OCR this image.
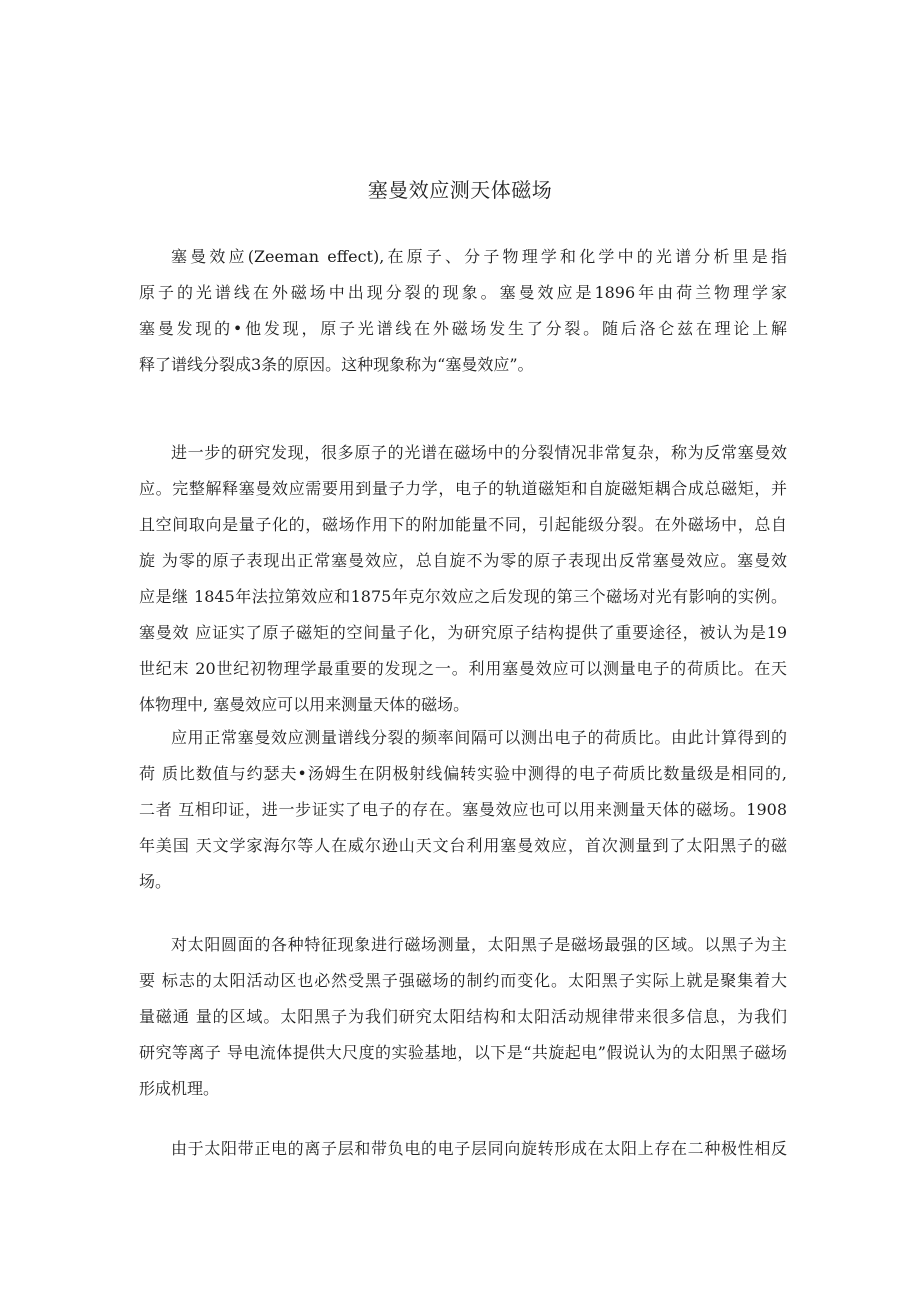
塞曼效应测天体磁场
塞曼效应(Zeeman effect),在原子、分子物理学和化学中的光谱分析里是指
原子的光谱线在外磁场中出现分裂的现象。塞曼效应是1896年由荷兰物理学家
塞曼发现的•他发现，原子光谱线在外磁场发生了分裂。随后洛仑兹在理论上解
释了谱线分裂成3条的原因。这种现象称为“塞曼效应”。
进一步的研究发现，很多原子的光谱在磁场中的分裂情况非常复杂，称为反常塞曼效
应。完整解释塞曼效应需要用到量子力学，电子的轨道磁矩和自旋磁矩耦合成总磁矩，并
且空间取向是量子化的，磁场作用下的附加能量不同，引起能级分裂。在外磁场中，总自
旋 为零的原子表现出正常塞曼效应，总自旋不为零的原子表现出反常塞曼效应。塞曼效
应是继 1845年法拉第效应和1875年克尔效应之后发现的第三个磁场对光有影响的实例。
塞曼效 应证实了原子磁矩的空间量子化，为研究原子结构提供了重要途径，被认为是19
世纪末 20世纪初物理学最重要的发现之一。利用塞曼效应可以测量电子的荷质比。在天
体物理中, 塞曼效应可以用来测量天体的磁场。
应用正常塞曼效应测量谱线分裂的频率间隔可以测出电子的荷质比。由此计算得到的
荷 质比数值与约瑟夫•汤姆生在阴极射线偏转实验中测得的电子荷质比数量级是相同的,
二者 互相印证，进一步证实了电子的存在。塞曼效应也可以用来测量天体的磁场。1908
年美国 天文学家海尔等人在威尔逊山天文台利用塞曼效应，首次测量到了太阳黑子的磁
场。
对太阳圆面的各种特征现象进行磁场测量，太阳黑子是磁场最强的区域。以黑子为主
要 标志的太阳活动区也必然受黑子强磁场的制约而变化。太阳黑子实际上就是聚集着大
量磁通 量的区域。太阳黑子为我们研究太阳结构和太阳活动规律带来很多信息，为我们
研究等离子 导电流体提供大尺度的实验基地，以下是“共旋起电”假说认为的太阳黑子磁场
形成机理。
由于太阳带正电的离子层和带负电的电子层同向旋转形成在太阳上存在二种极性相反
